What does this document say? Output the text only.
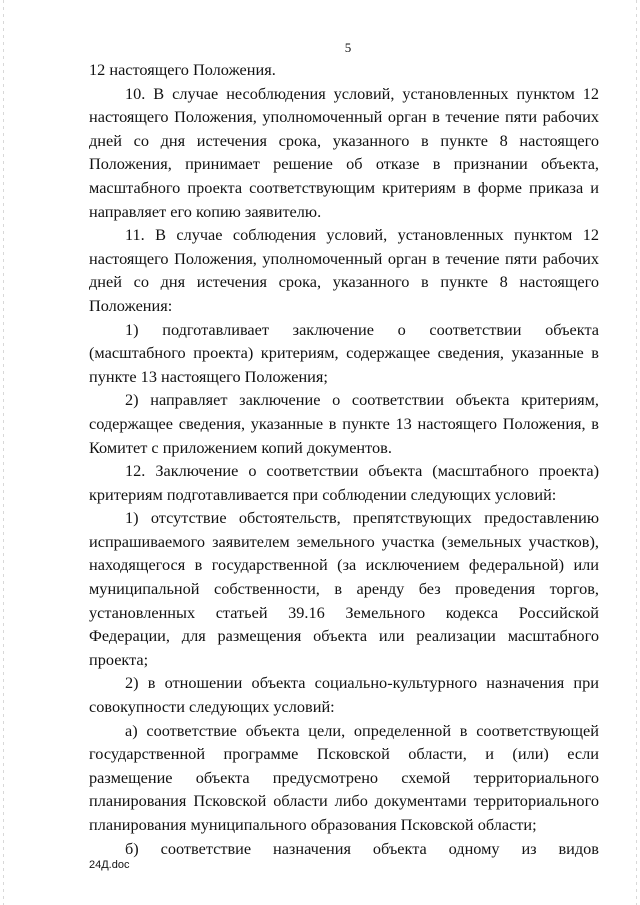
5

12 настоящего Положения.

10. В случае несоблюдения условий, установленных пунктом 12 настоящего Положения, уполномоченный орган в течение пяти рабочих дней со дня истечения срока, указанного в пункте 8 настоящего Положения, принимает решение об отказе в признании объекта, масштабного проекта соответствующим критериям в форме приказа и направляет его копию заявителю.

11. В случае соблюдения условий, установленных пунктом 12 настоящего Положения, уполномоченный орган в течение пяти рабочих дней со дня истечения срока, указанного в пункте 8 настоящего Положения:

1) подготавливает заключение о соответствии объекта (масштабного проекта) критериям, содержащее сведения, указанные в пункте 13 настоящего Положения;

2) направляет заключение о соответствии объекта критериям, содержащее сведения, указанные в пункте 13 настоящего Положения, в Комитет с приложением копий документов.

12. Заключение о соответствии объекта (масштабного проекта) критериям подготавливается при соблюдении следующих условий:

1) отсутствие обстоятельств, препятствующих предоставлению испрашиваемого заявителем земельного участка (земельных участков), находящегося в государственной (за исключением федеральной) или муниципальной собственности, в аренду без проведения торгов, установленных статьей 39.16 Земельного кодекса Российской Федерации, для размещения объекта или реализации масштабного проекта;

2) в отношении объекта социально-культурного назначения при совокупности следующих условий:

а) соответствие объекта цели, определенной в соответствующей государственной программе Псковской области, и (или) если размещение объекта предусмотрено схемой территориального планирования Псковской области либо документами территориального планирования муниципального образования Псковской области;

б) соответствие назначения объекта одному из видов

24Д.doc
